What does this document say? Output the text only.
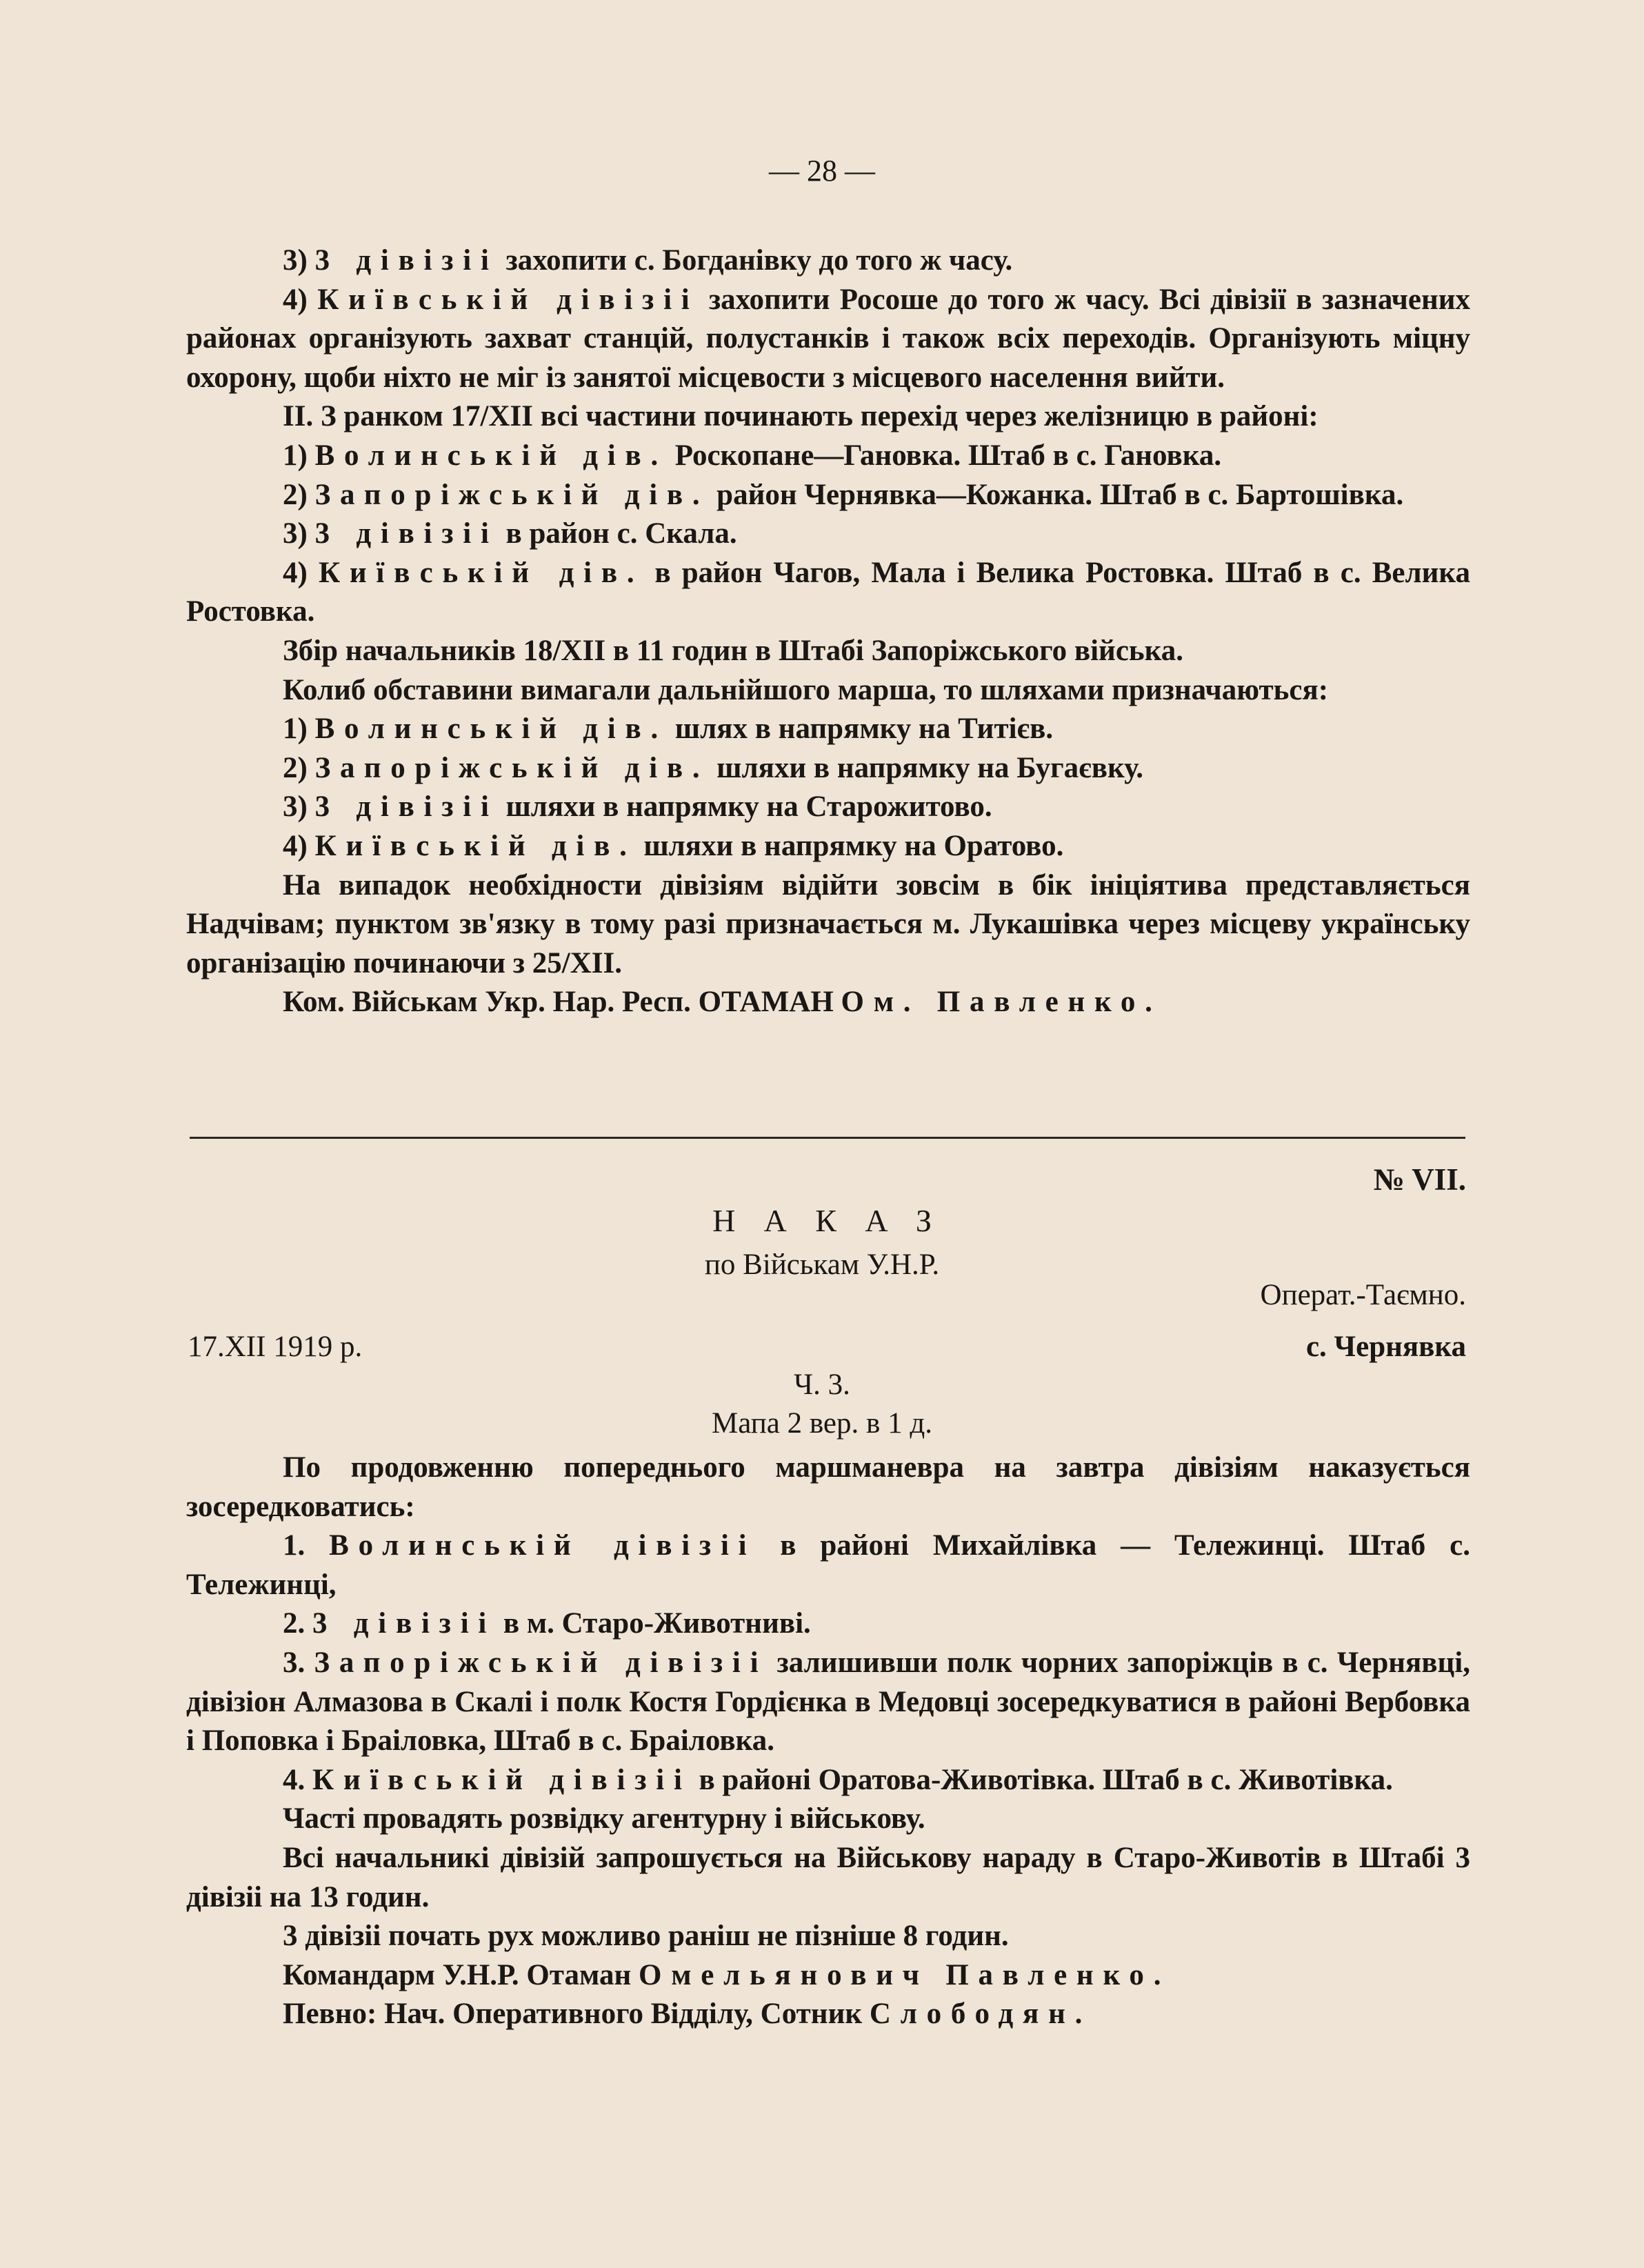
— 28 —

3) 3 дівізіі захопити с. Богданівку до того ж часу.

4) Київській дівізіі захопити Росоше до того ж часу. Всі дівізії в зазначених районах організують захват станцій, полустанків і також всіх переходів. Організують міцну охорону, щоби ніхто не міг із занятої місцевости з місцевого населення вийти.

II. З ранком 17/XII всі частини починають перехід через желізницю в районі:

1) Волинській дів. Роскопане—Гановка. Штаб в с. Гановка.

2) Запоріжській дів. район Чернявка—Кожанка. Штаб в с. Бартошівка.

3) 3 дівізіі в район с. Скала.

4) Київській дів. в район Чагов, Мала і Велика Ростовка. Штаб в с. Велика Ростовка.

Збір начальників 18/XII в 11 годин в Штабі Запоріжського війська.

Колиб обставини вимагали дальнійшого марша, то шляхами призначаються:

1) Волинській дів. шлях в напрямку на Титієв.

2) Запоріжській дів. шляхи в напрямку на Бугаєвку.

3) 3 дівізіі шляхи в напрямку на Старожитово.

4) Київській дів. шляхи в напрямку на Оратово.

На випадок необхідности дівізіям відійти зовсім в бік ініціятива представляється Надчівам; пунктом зв'язку в тому разі призначається м. Лукашівка через місцеву українську організацію починаючи з 25/XII.

Ком. Військам Укр. Нар. Респ. ОТАМАН Ом. Павленко.

№ VII.
НАКАЗ
по Військам У.Н.Р.
Операт.-Таємно.
17.XII 1919 р.	с. Чернявка
Ч. 3.
Мапа 2 вер. в 1 д.

По продовженню попереднього маршманевра на завтра дівізіям наказується зосередковатись:

1. Волинській дівізіі в районі Михайлівка — Тележинці. Штаб с. Тележинці,

2. 3 дівізіі в м. Старо-Животниві.

3. Запоріжській дівізіі залишивши полк чорних запоріжців в с. Чернявці, дівізіон Алмазова в Скалі і полк Костя Гордієнка в Медовці зосередкуватися в районі Вербовка і Поповка і Браіловка, Штаб в с. Браіловка.

4. Київській дівізіі в районі Оратова-Животівка. Штаб в с. Животівка.

Часті провадять розвідку агентурну і військову.

Всі начальникі дівізій запрошується на Військову нараду в Старо-Животів в Штабі 3 дівізіі на 13 годин.

3 дівізіі почать рух можливо раніш не пізніше 8 годин.

Командарм У.Н.Р. Отаман Омельянович Павленко.

Певно: Нач. Оперативного Відділу, Сотник Слободян.
